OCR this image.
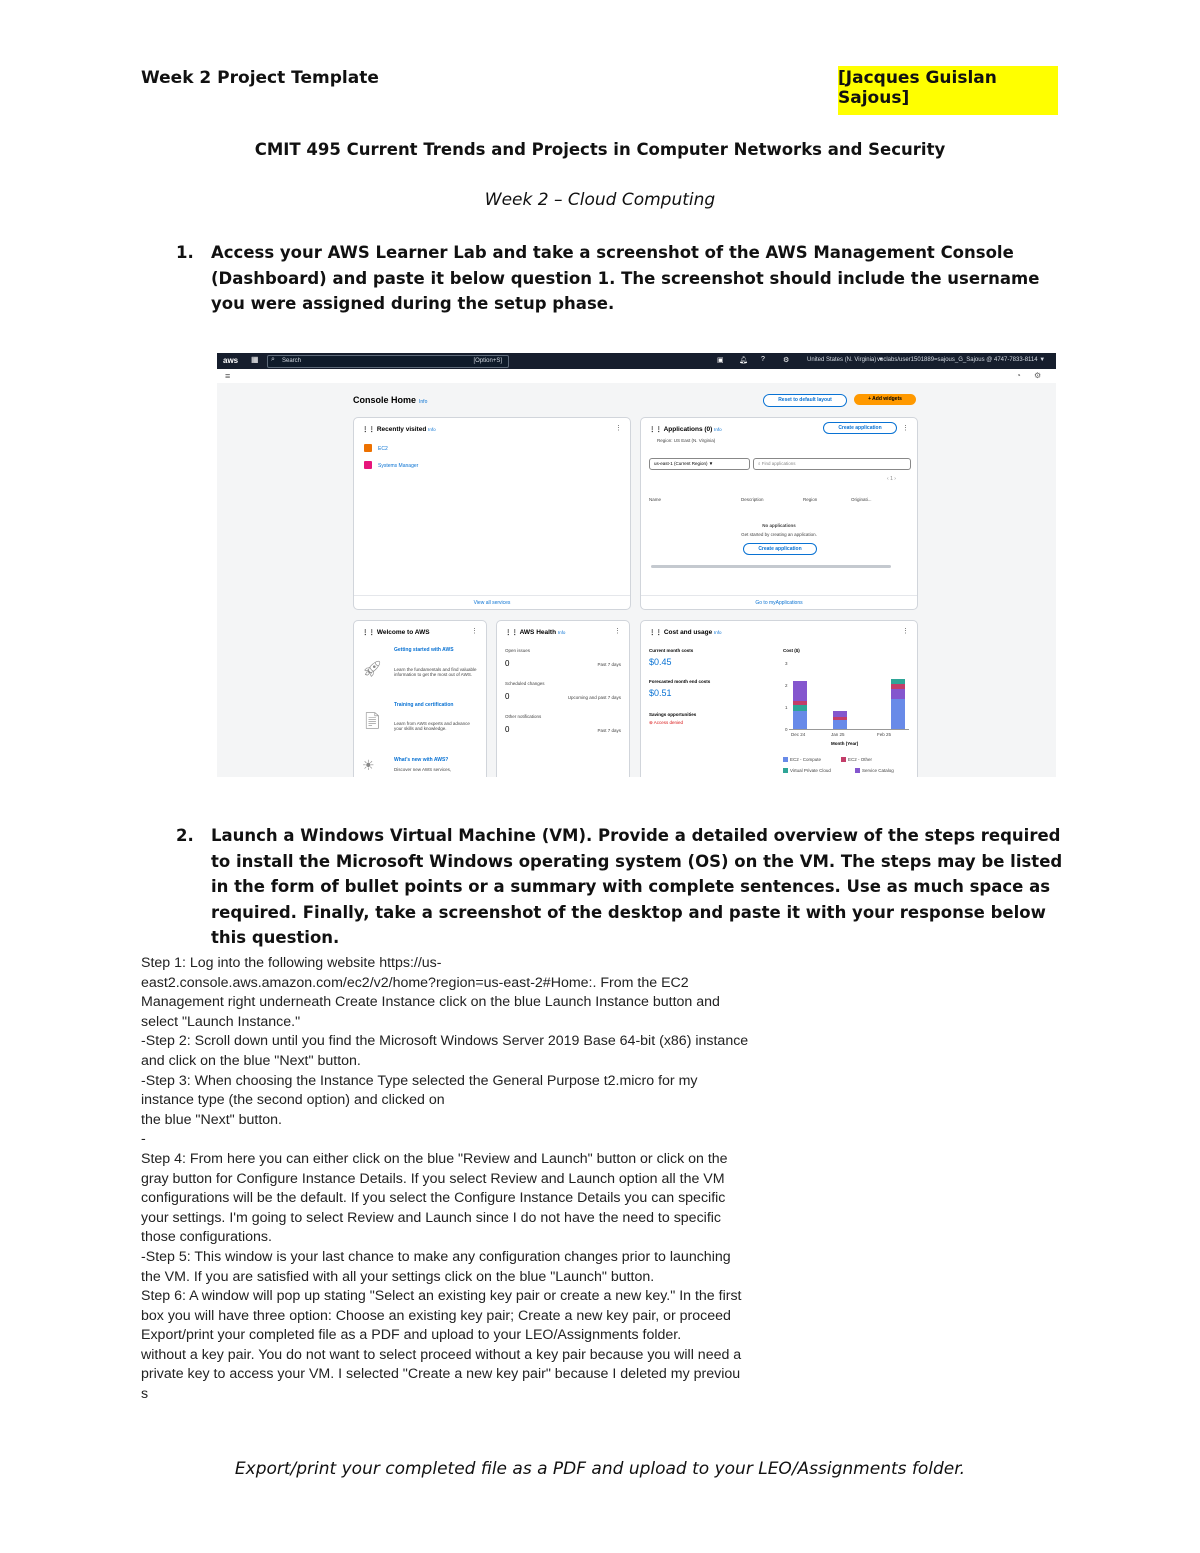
Week 2 Project Template	[Jacques Guislan Sajous]
CMIT 495 Current Trends and Projects in Computer Networks and Security
Week 2 – Cloud Computing
1. Access your AWS Learner Lab and take a screenshot of the AWS Management Console (Dashboard) and paste it below question 1. The screenshot should include the username you were assigned during the setup phase.
aws ▦ ⌕ Search	[Option+S]	▣ 🔔︎ ?	⚙	United States (N. Virginia) ▼
voclabs/user1501889=sajous_G_Sajous @ 4747-7833-8114 ▼
≡	◔ ⚙
Console Home Info	Reset to default layout	+ Add widgets
⋮⋮ Recently visited Info	⋮
EC2
Systems Manager
View all services
⋮⋮ Applications (0) Info
Region: US East (N. Virginia)
⋮
Create application
us-east-1 (Current Region) ▼	⌕ Find applications
‹ 1 ›
Name	Description	Region	Originati...
No applications
Get started by creating an application.
Create application
Go to myApplications
⋮⋮ Welcome to AWS	⋮
🚀︎
Getting started with AWS
Learn the fundamentals and find valuable information to get the most out of AWS.
📄︎
Training and certification
Learn from AWS experts and advance your skills and knowledge.
☀	What's new with AWS?
Discover new AWS services,
⋮⋮ AWS Health Info	⋮
Open issues
0	Past 7 days
Scheduled changes
0	Upcoming and past 7 days
Other notifications
0	Past 7 days
⋮⋮ Cost and usage Info	⋮
Current month costs
$0.45
Forecasted month end costs
$0.51
Savings opportunities
⊗ Access denied
Cost ($)
3
2
1
0
Dec 24	Jan 25	Feb 25
Month (Year)
EC2 - Compute	EC2 - Other
Virtual Private Cloud	Service Catalog
2. Launch a Windows Virtual Machine (VM). Provide a detailed overview of the steps required to install the Microsoft Windows operating system (OS) on the VM. The steps may be listed in the form of bullet points or a summary with complete sentences. Use as much space as required. Finally, take a screenshot of the desktop and paste it with your response below this question.
Step 1: Log into the following website https://us-
east2.console.aws.amazon.com/ec2/v2/home?region=us-east-2#Home:. From the EC2
Management right underneath Create Instance click on the blue Launch Instance button and
select "Launch Instance."
-Step 2: Scroll down until you find the Microsoft Windows Server 2019 Base 64-bit (x86) instance
and click on the blue "Next" button.
-Step 3: When choosing the Instance Type selected the General Purpose t2.micro for my
instance type (the second option) and clicked on
the blue "Next" button.
-
Step 4: From here you can either click on the blue "Review and Launch" button or click on the
gray button for Configure Instance Details. If you select Review and Launch option all the VM
configurations will be the default. If you select the Configure Instance Details you can specific
your settings. I'm going to select Review and Launch since I do not have the need to specific
those configurations.
-Step 5: This window is your last chance to make any configuration changes prior to launching
the VM. If you are satisfied with all your settings click on the blue "Launch" button.
Step 6: A window will pop up stating "Select an existing key pair or create a new key." In the first
box you will have three option: Choose an existing key pair; Create a new key pair, or proceed
Export/print your completed file as a PDF and upload to your LEO/Assignments folder.
without a key pair. You do not want to select proceed without a key pair because you will need a
private key to access your VM. I selected "Create a new key pair" because I deleted my previou
s
Export/print your completed file as a PDF and upload to your LEO/Assignments folder.
